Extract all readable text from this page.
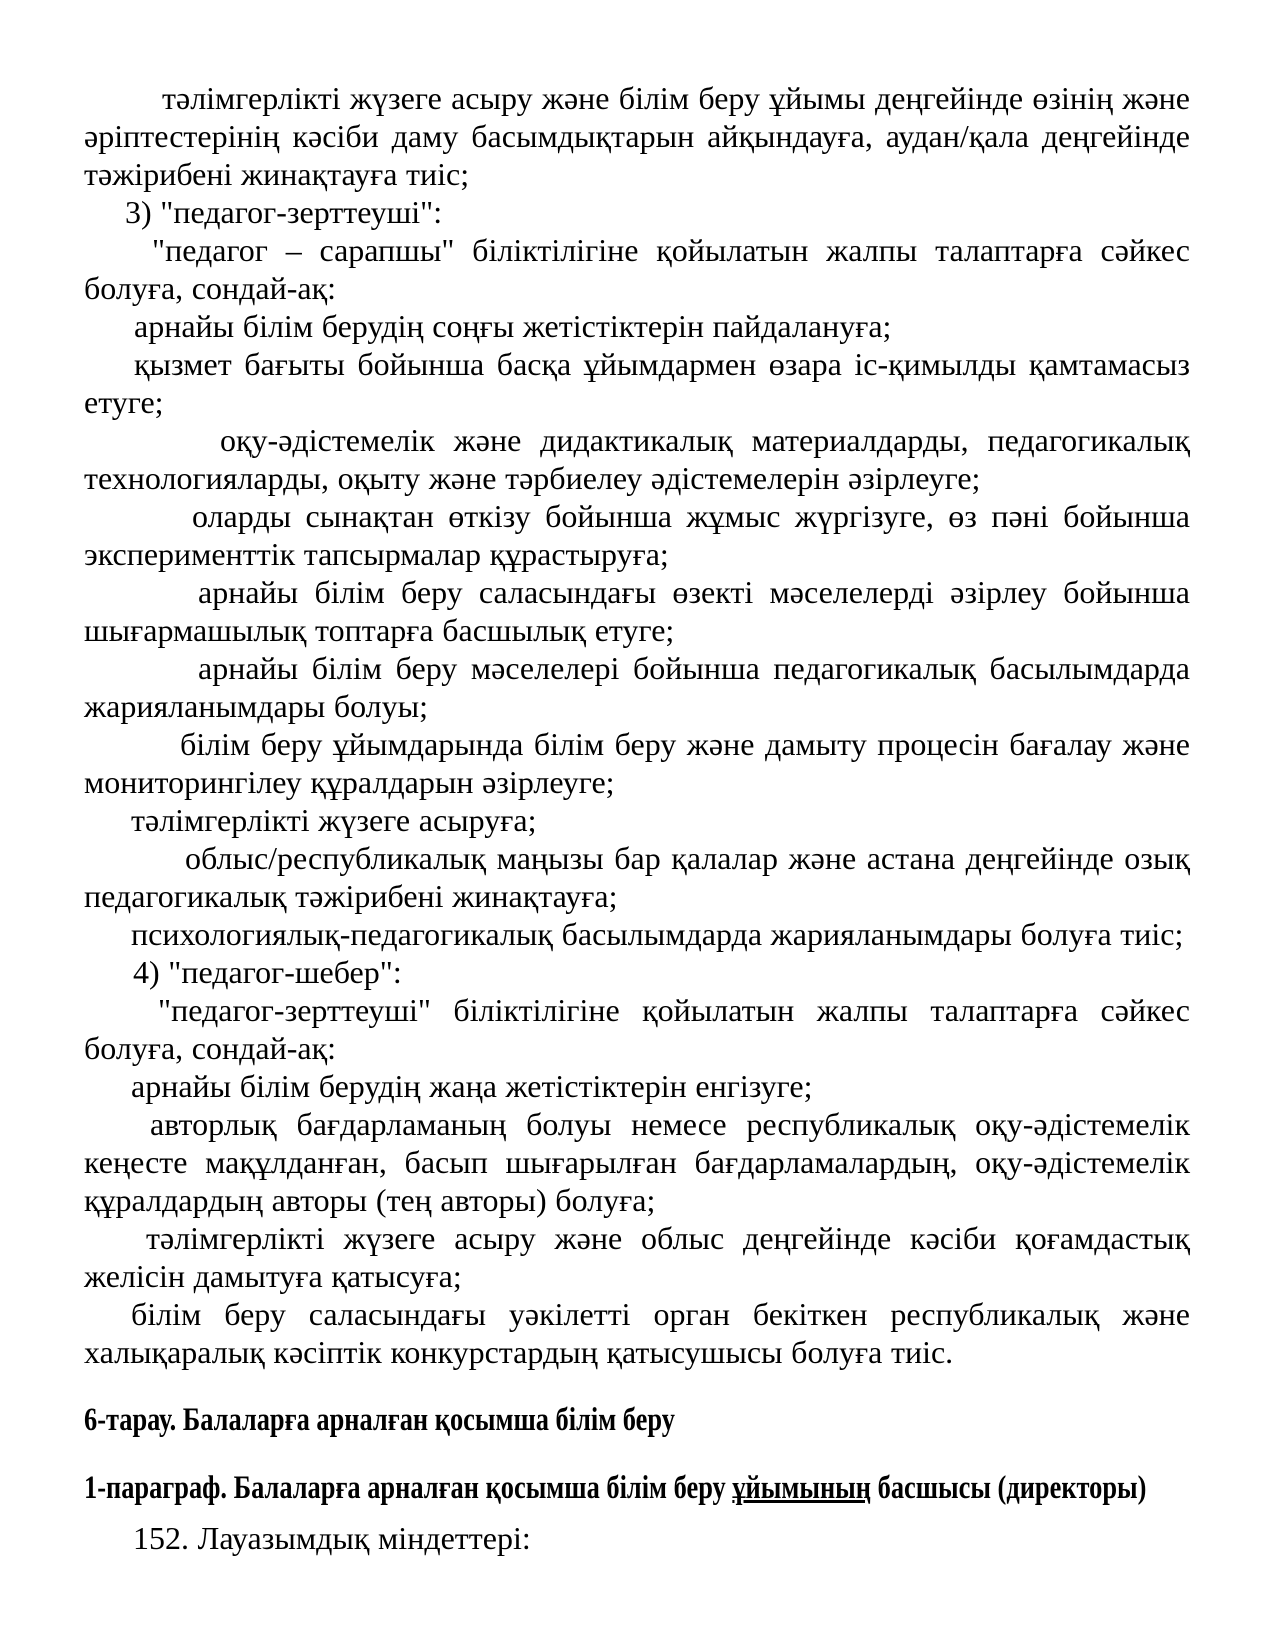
тәлімгерлікті жүзеге асыру және білім беру ұйымы деңгейінде өзінің және әріптестерінің кәсіби даму басымдықтарын айқындауға, аудан/қала деңгейінде тәжірибені жинақтауға тиіс;

3) "педагог-зерттеуші":

"педагог – сарапшы" біліктілігіне қойылатын жалпы талаптарға сәйкес болуға, сондай-ақ:

арнайы білім берудің соңғы жетістіктерін пайдалануға;

қызмет бағыты бойынша басқа ұйымдармен өзара іс-қимылды қамтамасыз етуге;

оқу-әдістемелік және дидактикалық материалдарды, педагогикалық технологияларды, оқыту және тәрбиелеу әдістемелерін әзірлеуге;

оларды сынақтан өткізу бойынша жұмыс жүргізуге, өз пәні бойынша эксперименттік тапсырмалар құрастыруға;

арнайы білім беру саласындағы өзекті мәселелерді әзірлеу бойынша шығармашылық топтарға басшылық етуге;

арнайы білім беру мәселелері бойынша педагогикалық басылымдарда жарияланымдары болуы;

білім беру ұйымдарында білім беру және дамыту процесін бағалау және мониторингілеу құралдарын әзірлеуге;

тәлімгерлікті жүзеге асыруға;

облыс/республикалық маңызы бар қалалар және астана деңгейінде озық педагогикалық тәжірибені жинақтауға;

психологиялық-педагогикалық басылымдарда жарияланымдары болуға тиіс;

4) "педагог-шебер":

"педагог-зерттеуші" біліктілігіне қойылатын жалпы талаптарға сәйкес болуға, сондай-ақ:

арнайы білім берудің жаңа жетістіктерін енгізуге;

авторлық бағдарламаның болуы немесе республикалық оқу-әдістемелік кеңесте мақұлданған, басып шығарылған бағдарламалардың, оқу-әдістемелік құралдардың авторы (тең авторы) болуға;

тәлімгерлікті жүзеге асыру және облыс деңгейінде кәсіби қоғамдастық желісін дамытуға қатысуға;

білім беру саласындағы уәкілетті орган бекіткен республикалық және халықаралық кәсіптік конкурстардың қатысушысы болуға тиіс.

6-тарау. Балаларға арналған қосымша білім беру
1-параграф. Балаларға арналған қосымша білім беру ұйымының басшысы (директоры)

152. Лауазымдық міндеттері:
